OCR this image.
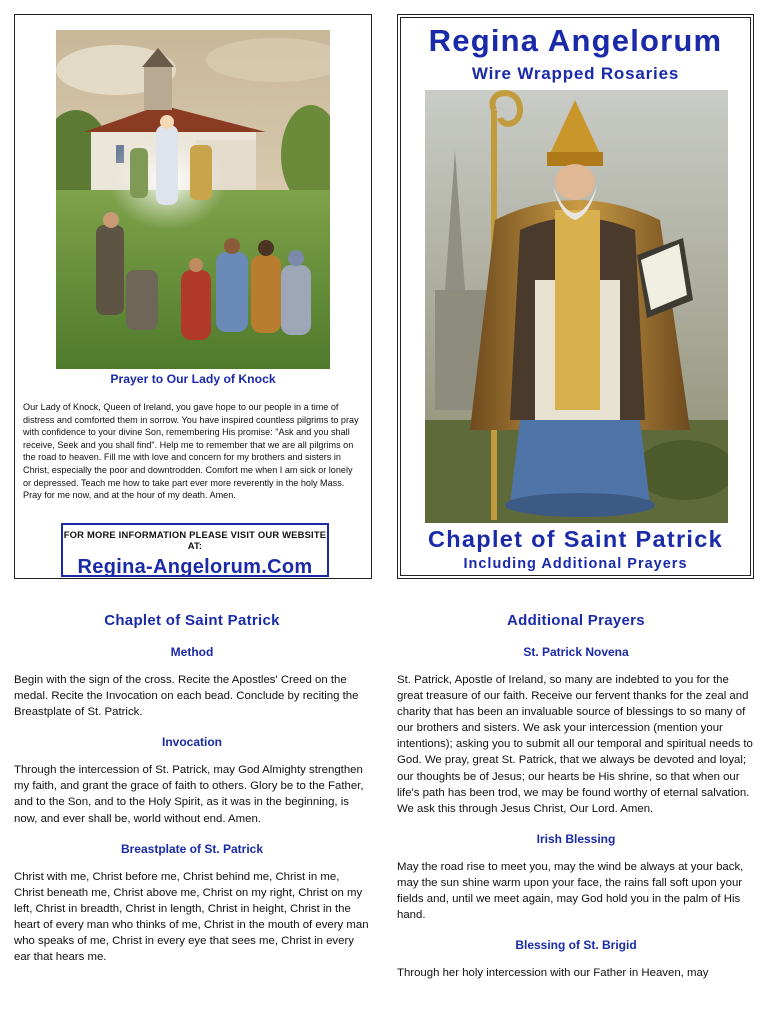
Prayer to Our Lady of Knock
Our Lady of Knock, Queen of Ireland, you gave hope to our people in a time of distress and comforted them in sorrow. You have inspired countless pilgrims to pray with confidence to your divine Son, remembering His promise: "Ask and you shall receive, Seek and you shall find". Help me to remember that we are all pilgrims on the road to heaven. Fill me with love and concern for my brothers and sisters in Christ, especially the poor and downtrodden. Comfort me when I am sick or lonely or depressed. Teach me how to take part ever more reverently in the holy Mass. Pray for me now, and at the hour of my death. Amen.
FOR MORE INFORMATION PLEASE VISIT OUR WEBSITE AT:
Regina-Angelorum.Com
Regina Angelorum
Wire Wrapped Rosaries
Chaplet of Saint Patrick
Including Additional Prayers
Chaplet of Saint Patrick
Method

Begin with the sign of the cross. Recite the Apostles' Creed on the medal. Recite the Invocation on each bead. Conclude by reciting the Breastplate of St. Patrick.

Invocation

Through the intercession of St. Patrick, may God Almighty strengthen my faith, and grant the grace of faith to others. Glory be to the Father, and to the Son, and to the Holy Spirit, as it was in the beginning, is now, and ever shall be, world without end. Amen.

Breastplate of St. Patrick

Christ with me, Christ before me, Christ behind me, Christ in me, Christ beneath me, Christ above me, Christ on my right, Christ on my left, Christ in breadth, Christ in length, Christ in height, Christ in the heart of every man who thinks of me, Christ in the mouth of every man who speaks of me, Christ in every eye that sees me, Christ in every ear that hears me.

Additional Prayers
St. Patrick Novena

St. Patrick, Apostle of Ireland, so many are indebted to you for the great treasure of our faith. Receive our fervent thanks for the zeal and charity that has been an invaluable source of blessings to so many of our brothers and sisters. We ask your intercession (mention your intentions); asking you to submit all our temporal and spiritual needs to God. We pray, great St. Patrick, that we always be devoted and loyal; our thoughts be of Jesus; our hearts be His shrine, so that when our life's path has been trod, we may be found worthy of eternal salvation. We ask this through Jesus Christ, Our Lord. Amen.

Irish Blessing

May the road rise to meet you, may the wind be always at your back, may the sun shine warm upon your face, the rains fall soft upon your fields and, until we meet again, may God hold you in the palm of His hand.

Blessing of St. Brigid

Through her holy intercession with our Father in Heaven, may
